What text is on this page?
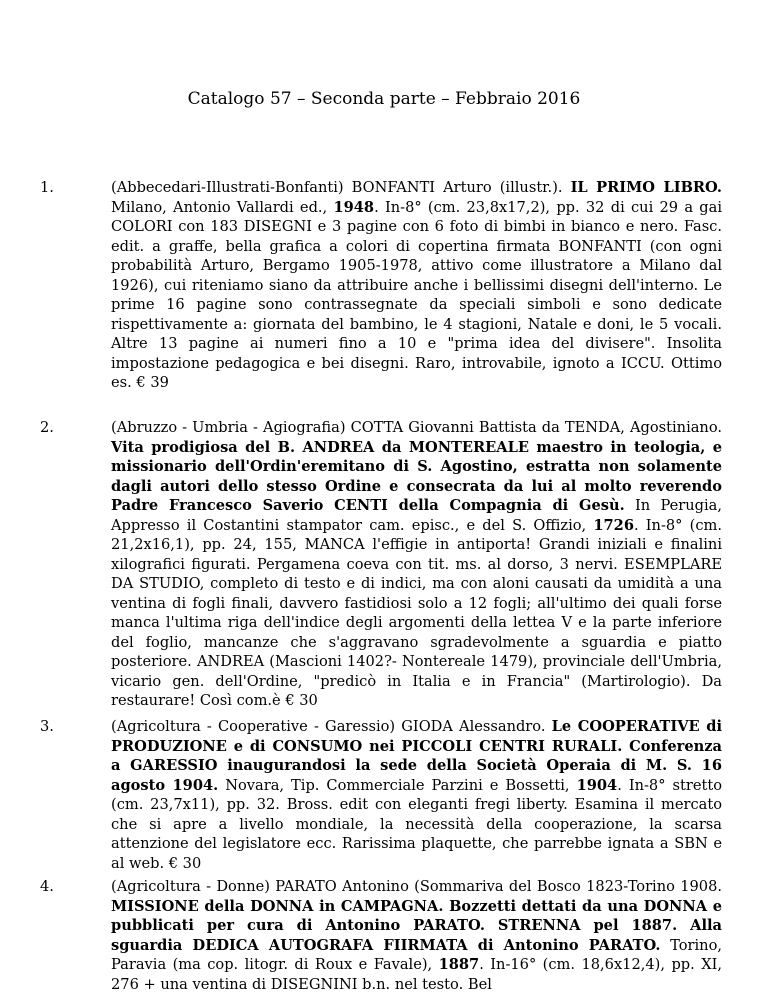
Catalogo 57 – Seconda parte – Febbraio 2016
1.	(Abbecedari-Illustrati-Bonfanti) BONFANTI Arturo (illustr.). IL PRIMO LIBRO. Milano, Antonio Vallardi ed., 1948. In-8° (cm. 23,8x17,2), pp. 32 di cui 29 a gai COLORI con 183 DISEGNI e 3 pagine con 6 foto di bimbi in bianco e nero. Fasc. edit. a graffe, bella grafica a colori di copertina firmata BONFANTI (con ogni probabilità Arturo, Bergamo 1905-1978, attivo come illustratore a Milano dal 1926), cui riteniamo siano da attribuire anche i bellissimi disegni dell'interno. Le prime 16 pagine sono contrassegnate da speciali simboli e sono dedicate rispettivamente a: giornata del bambino, le 4 stagioni, Natale e doni, le 5 vocali. Altre 13 pagine ai numeri fino a 10 e "prima idea del divisere". Insolita impostazione pedagogica e bei disegni. Raro, introvabile, ignoto a ICCU. Ottimo es. € 39
2.	(Abruzzo - Umbria - Agiografia) COTTA Giovanni Battista da TENDA, Agostiniano. Vita prodigiosa del B. ANDREA da MONTEREALE maestro in teologia, e missionario dell'Ordin'eremitano di S. Agostino, estratta non solamente dagli autori dello stesso Ordine e consecrata da lui al molto reverendo Padre Francesco Saverio CENTI della Compagnia di Gesù. In Perugia, Appresso il Costantini stampator cam. episc., e del S. Offizio, 1726. In-8° (cm. 21,2x16,1), pp. 24, 155, MANCA l'effigie in antiporta! Grandi iniziali e finalini xilografici figurati. Pergamena coeva con tit. ms. al dorso, 3 nervi. ESEMPLARE DA STUDIO, completo di testo e di indici, ma con aloni causati da umidità a una ventina di fogli finali, davvero fastidiosi solo a 12 fogli; all'ultimo dei quali forse manca l'ultima riga dell'indice degli argomenti della lettea V e la parte inferiore del foglio, mancanze che s'aggravano sgradevolmente a sguardia e piatto posteriore. ANDREA (Mascioni 1402?- Nontereale 1479), provinciale dell'Umbria, vicario gen. dell'Ordine, "predicò in Italia e in Francia" (Martirologio). Da restaurare! Così com.è € 30
3.	(Agricoltura - Cooperative - Garessio) GIODA Alessandro. Le COOPERATIVE di PRODUZIONE e di CONSUMO nei PICCOLI CENTRI RURALI. Conferenza a GARESSIO inaugurandosi la sede della Società Operaia di M. S. 16 agosto 1904. Novara, Tip. Commerciale Parzini e Bossetti, 1904. In-8° stretto (cm. 23,7x11), pp. 32. Bross. edit con eleganti fregi liberty. Esamina il mercato che si apre a livello mondiale, la necessità della cooperazione, la scarsa attenzione del legislatore ecc. Rarissima plaquette, che parrebbe ignata a SBN e al web. € 30
4.	(Agricoltura - Donne) PARATO Antonino (Sommariva del Bosco 1823-Torino 1908. MISSIONE della DONNA in CAMPAGNA. Bozzetti dettati da una DONNA e pubblicati per cura di Antonino PARATO. STRENNA pel 1887. Alla sguardia DEDICA AUTOGRAFA FIIRMATA di Antonino PARATO. Torino, Paravia (ma cop. litogr. di Roux e Favale), 1887. In-16° (cm. 18,6x12,4), pp. XI, 276 + una ventina di DISEGNINI b.n. nel testo. Bel
